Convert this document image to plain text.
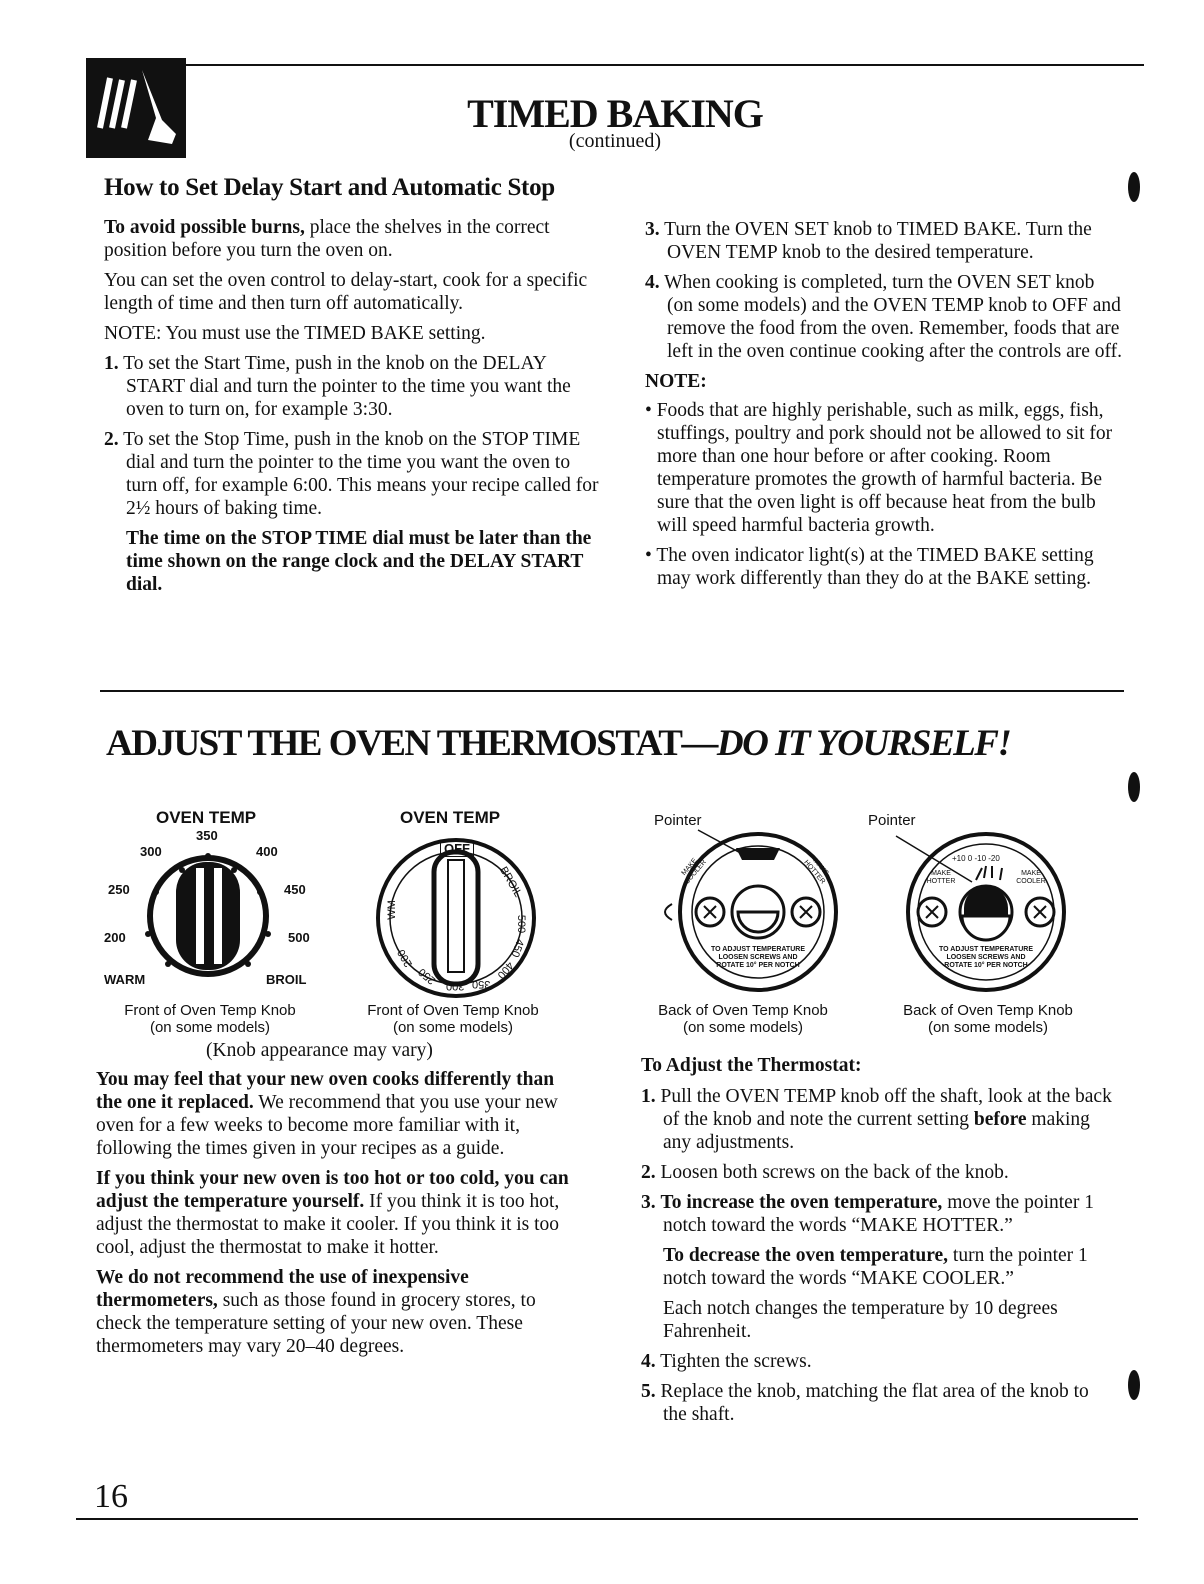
TIMED BAKING
(continued)
How to Set Delay Start and Automatic Stop

To avoid possible burns, place the shelves in the correct position before you turn the oven on.

You can set the oven control to delay-start, cook for a specific length of time and then turn off automatically.

NOTE: You must use the TIMED BAKE setting.

1. To set the Start Time, push in the knob on the DELAY START dial and turn the pointer to the time you want the oven to turn on, for example 3:30.
2. To set the Stop Time, push in the knob on the STOP TIME dial and turn the pointer to the time you want the oven to turn off, for example 6:00. This means your recipe called for 2½ hours of baking time.

The time on the STOP TIME dial must be later than the time shown on the range clock and the DELAY START dial.

3. Turn the OVEN SET knob to TIMED BAKE. Turn the OVEN TEMP knob to the desired temperature.
4. When cooking is completed, turn the OVEN SET knob (on some models) and the OVEN TEMP knob to OFF and remove the food from the oven. Remember, foods that are left in the oven continue cooking after the controls are off.

NOTE:

• Foods that are highly perishable, such as milk, eggs, fish, stuffings, poultry and pork should not be allowed to sit for more than one hour before or after cooking. Room temperature promotes the growth of harmful bacteria. Be sure that the oven light is off because heat from the bulb will speed harmful bacteria growth.
• The oven indicator light(s) at the TIMED BAKE setting may work differently than they do at the BAKE setting.
ADJUST THE OVEN THERMOSTAT—DO IT YOURSELF!
OVEN TEMP
350
300	400
250	450
200	500
WARM	BROIL
Front of Oven Temp Knob
(on some models)
OVEN TEMP
OFF
BROIL
WM
500
450
400
350
300
250
200
Front of Oven Temp Knob
(on some models)
(Knob appearance may vary)
Pointer
MAKE COOLER	MAKE HOTTER
TO ADJUST TEMPERATURE LOOSEN SCREWS AND ROTATE 10° PER NOTCH
Back of Oven Temp Knob
(on some models)
Pointer
+10 0 -10 -20
MAKE HOTTER
MAKE COOLER
TO ADJUST TEMPERATURE LOOSEN SCREWS AND ROTATE 10° PER NOTCH
Back of Oven Temp Knob
(on some models)

You may feel that your new oven cooks differently than the one it replaced. We recommend that you use your new oven for a few weeks to become more familiar with it, following the times given in your recipes as a guide.

If you think your new oven is too hot or too cold, you can adjust the temperature yourself. If you think it is too hot, adjust the thermostat to make it cooler. If you think it is too cool, adjust the thermostat to make it hotter.

We do not recommend the use of inexpensive thermometers, such as those found in grocery stores, to check the temperature setting of your new oven. These thermometers may vary 20–40 degrees.

To Adjust the Thermostat:

1. Pull the OVEN TEMP knob off the shaft, look at the back of the knob and note the current setting before making any adjustments.
2. Loosen both screws on the back of the knob.
3. To increase the oven temperature, move the pointer 1 notch toward the words “MAKE HOTTER.”

To decrease the oven temperature, turn the pointer 1 notch toward the words “MAKE COOLER.”

Each notch changes the temperature by 10 degrees Fahrenheit.

4. Tighten the screws.
5. Replace the knob, matching the flat area of the knob to the shaft.
16
